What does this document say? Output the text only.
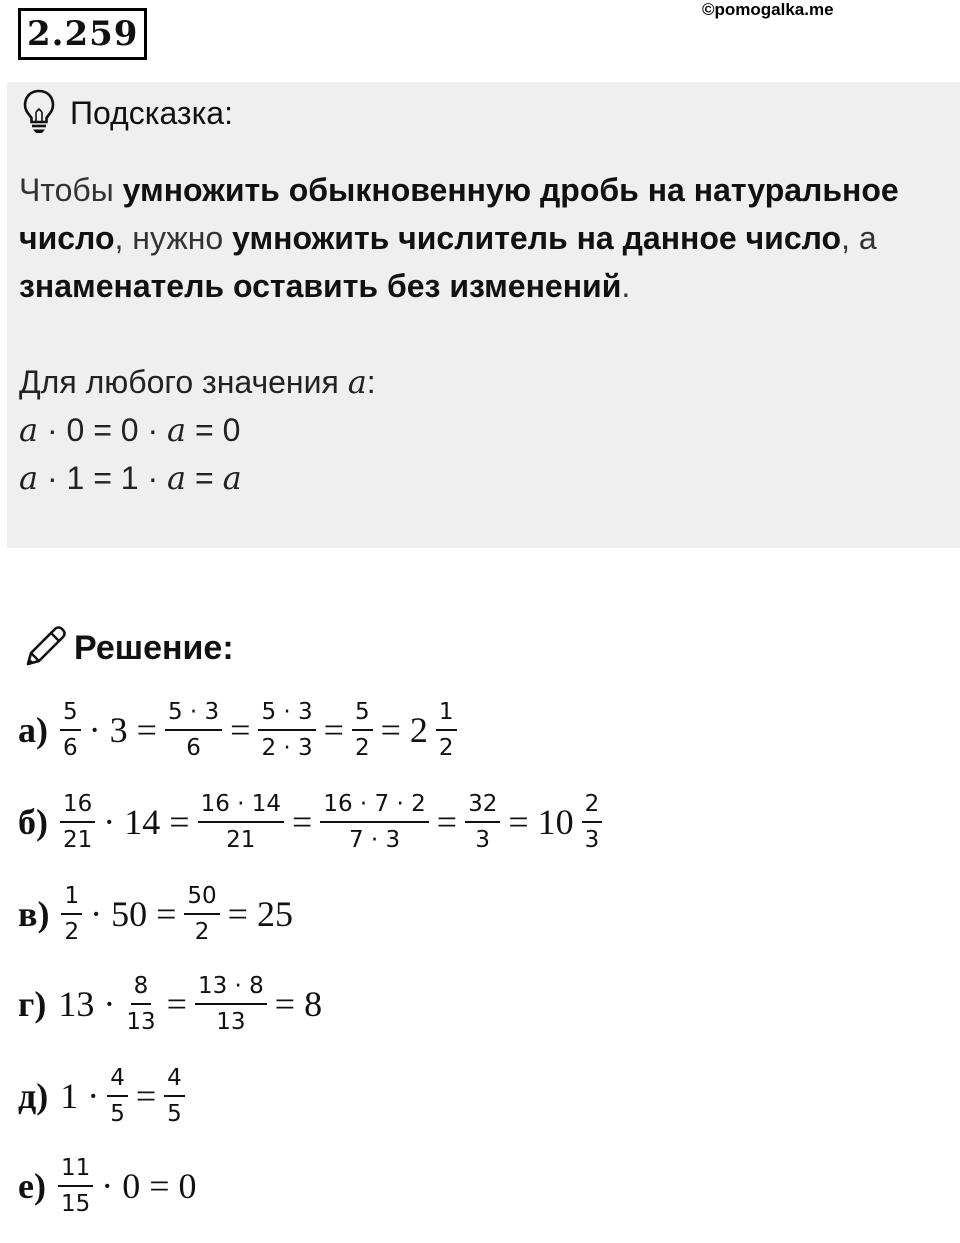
2.259
©pomogalka.me
Подсказка:
Чтобы умножить обыкновенную дробь на натуральное число, нужно умножить числитель на данное число, а знаменатель оставить без изменений.
Для любого значения a:
a · 0 = 0 · a = 0
a · 1 = 1 · a = a
Решение:
$а) \frac{5}{6} \cdot 3 = \frac{5 \cdot 3}{6} = \frac{5 \cdot 3}{2 \cdot 3} = \frac{5}{2} = 2 \frac{1}{2}$
$б) \frac{16}{21} \cdot 14 = \frac{16 \cdot 14}{21} = \frac{16 \cdot 7 \cdot 2}{7 \cdot 3} = \frac{32}{3} = 10 \frac{2}{3}$
$в) \frac{1}{2} \cdot 50 = \frac{50}{2} = 25$
г) $13 \cdot \frac{8}{13} = \frac{13 \cdot 8}{13} = 8$
д) $1 \cdot \frac{4}{5} = \frac{4}{5}$
$е) \frac{11}{15} \cdot 0 = 0$
